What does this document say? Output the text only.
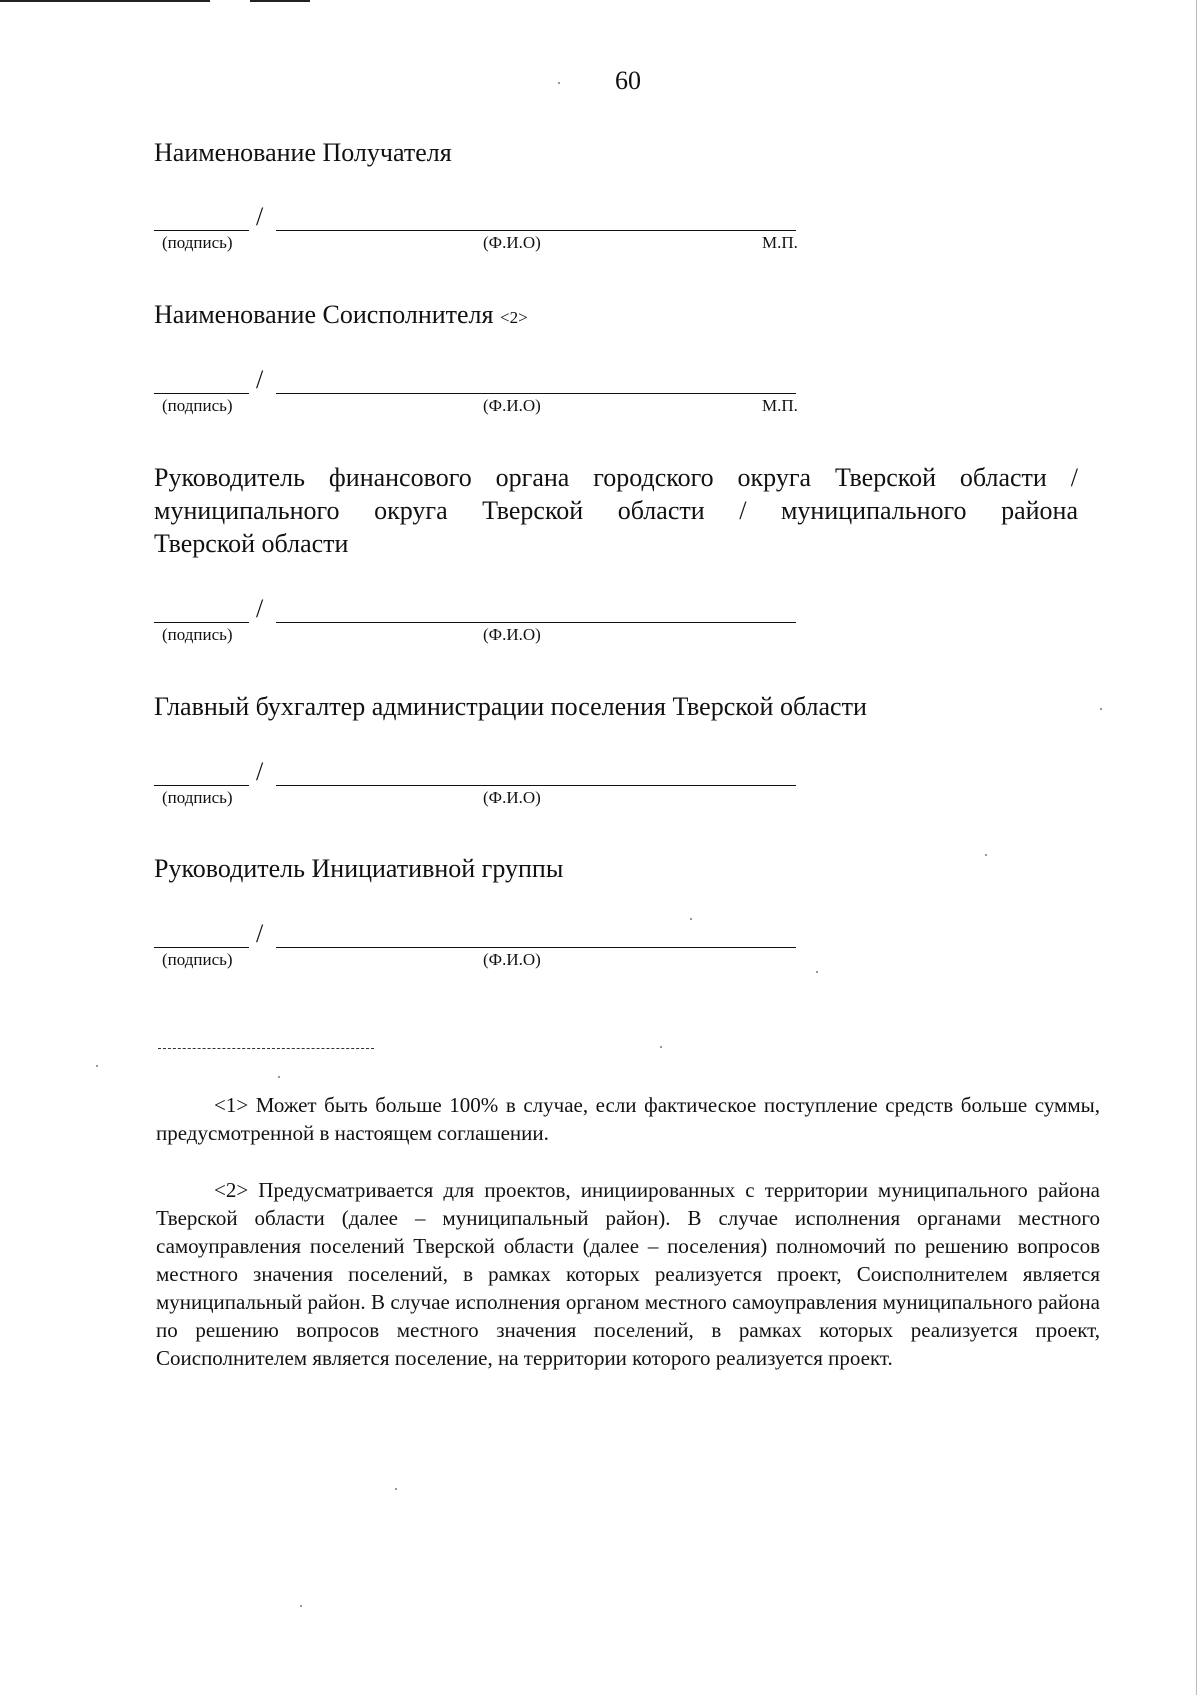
60
Наименование Получателя
/
(подпись)	(Ф.И.О)	М.П.
Наименование Соисполнителя <2>
/
(подпись)	(Ф.И.О)	М.П.
Руководитель финансового органа городского округа Тверской области /
муниципального округа Тверской области / муниципального района
Тверской области
/
(подпись)	(Ф.И.О)
Главный бухгалтер администрации поселения Тверской области
/
(подпись)	(Ф.И.О)
Руководитель Инициативной группы
/
(подпись)	(Ф.И.О)

<1> Может быть больше 100% в случае, если фактическое поступление средств больше суммы, предусмотренной в настоящем соглашении.

<2> Предусматривается для проектов, инициированных с территории муниципального района Тверской области (далее – муниципальный район). В случае исполнения органами местного самоуправления поселений Тверской области (далее – поселения) полномочий по решению вопросов местного значения поселений, в рамках которых реализуется проект, Соисполнителем является муниципальный район. В случае исполнения органом местного самоуправления муниципального района по решению вопросов местного значения поселений, в рамках которых реализуется проект, Соисполнителем является поселение, на территории которого реализуется проект.
